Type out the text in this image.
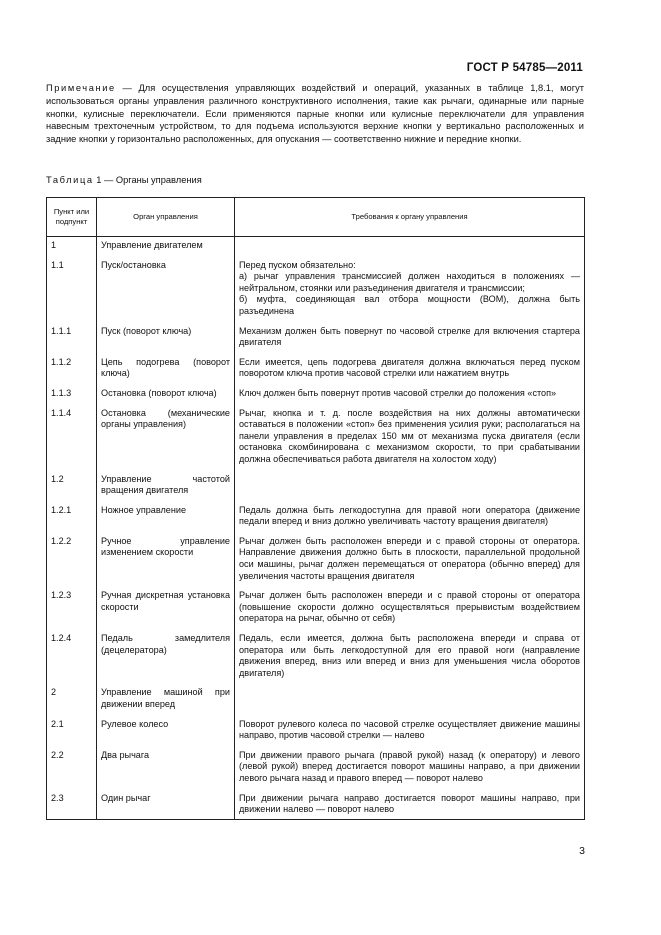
ГОСТ Р 54785—2011
Примечание — Для осуществления управляющих воздействий и операций, указанных в таблице 1,8.1, могут использоваться органы управления различного конструктивного исполнения, такие как рычаги, одинарные или парные кнопки, кулисные переключатели. Если применяются парные кнопки или кулисные переключатели для управления навесным трехточечным устройством, то для подъема используются верхние кнопки у вертикально расположенных и задние кнопки у горизонтально расположенных, для опускания — соответственно нижние и передние кнопки.
Таблица 1 — Органы управления
Пункт или подпункт	Орган управления	Требования к органу управления
1	Управление двигателем	
1.1	Пуск/остановка	Перед пуском обязательно:
а) рычаг управления трансмиссией должен находиться в положениях — нейтральном, стоянки или разъединения двигателя и трансмиссии;
б) муфта, соединяющая вал отбора мощности (ВОМ), должна быть разъединена
1.1.1	Пуск (поворот ключа)	Механизм должен быть повернут по часовой стрелке для включения стартера двигателя
1.1.2	Цепь подогрева (поворот ключа)	Если имеется, цепь подогрева двигателя должна включаться перед пуском поворотом ключа против часовой стрелки или нажатием внутрь
1.1.3	Остановка (поворот ключа)	Ключ должен быть повернут против часовой стрелки до положения «стоп»
1.1.4	Остановка (механические органы управления)	Рычаг, кнопка и т. д. после воздействия на них должны автоматически оставаться в положении «стоп» без применения усилия руки; располагаться на панели управления в пределах 150 мм от механизма пуска двигателя (если остановка скомбинирована с механизмом скорости, то при срабатывании должна обеспечиваться работа двигателя на холостом ходу)
1.2	Управление частотой вращения двигателя	
1.2.1	Ножное управление	Педаль должна быть легкодоступна для правой ноги оператора (движение педали вперед и вниз должно увеличивать частоту вращения двигателя)
1.2.2	Ручное управление изменением скорости	Рычаг должен быть расположен впереди и с правой стороны от оператора. Направление движения должно быть в плоскости, параллельной продольной оси машины, рычаг должен перемещаться от оператора (обычно вперед) для увеличения частоты вращения двигателя
1.2.3	Ручная дискретная установка скорости	Рычаг должен быть расположен впереди и с правой стороны от оператора (повышение скорости должно осуществляться прерывистым воздействием оператора на рычаг, обычно от себя)
1.2.4	Педаль замедлителя (децелератора)	Педаль, если имеется, должна быть расположена впереди и справа от оператора или быть легкодоступной для его правой ноги (направление движения вперед, вниз или вперед и вниз для уменьшения числа оборотов двигателя)
2	Управление машиной при движении вперед	
2.1	Рулевое колесо	Поворот рулевого колеса по часовой стрелке осуществляет движение машины направо, против часовой стрелки — налево
2.2	Два рычага	При движении правого рычага (правой рукой) назад (к оператору) и левого (левой рукой) вперед достигается поворот машины направо, а при движении левого рычага назад и правого вперед — поворот налево
2.3	Один рычаг	При движении рычага направо достигается поворот машины направо, при движении налево — поворот налево
3
